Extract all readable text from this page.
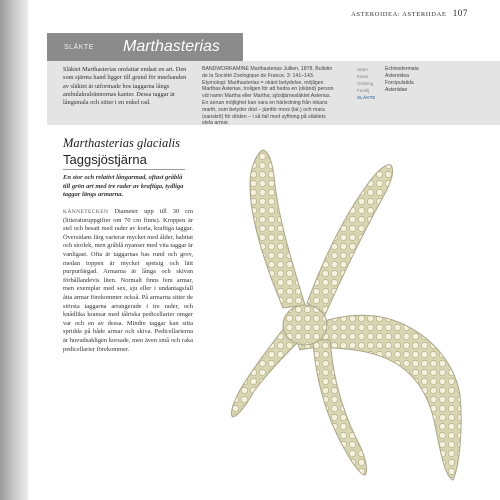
ASTEROIDEA: ASTERIIDAE 107
SLÄKTE Marthasterias

Släktet Marthasterias omfattar endast en art. Den som sjärnta hand ligger till grund för innehanden av släktet är utformade hos taggarna långs ambulakralrännornas kanter. Dessa taggar är långsmala och sitter i en enkel rad.

BANDWORKAMINE Marthasterias Jullien, 1878, Bulletin de la Société Zoologique de France, 3: 141–143. Etymologi: Marthasterias = okänt betydelse, möjligen Marthas Asterias, troligen för att hedra en (okänd) person vid namn Martha eller Martha; sjöstjärnesläktet Asterias. En annan möjlighet kan vara en härledning från inkans marth, som betyder död – jämför mors (lat.) och mara (sanskrit) för döden – i så fall med syftning på släktets stela armar.

Stam	Echinodermata
Klass	Asteroidea
Ordning	Forcipulatida
Familj	Asteriidae
SLÄKTE
Marthasterias glacialis
Taggsjöstjärna

En stor och relativt långarmad, oftast gråblå till grön art med tre rader av kraftiga, tydliga taggar längs armarna.

KÄNNETECKEN Diameter upp till 30 cm (litteraturuppgifter om 70 cm finns). Kroppen är stel och besatt med rader av korta, kraftiga taggar. Översidans färg varierar mycket med ålder, habitat och storlek, men gråblå nyanser med vita taggar är vanligast. Ofta är taggarnas bas rund och grov, medan toppen är mycket spetsig och lätt purpurfärgad. Armarna är långa och skivan förhållandevis liten. Normalt finns fem armar, men exemplar med sex, sju eller i undantagsfall åtta armar förekommer också. På armarna sitter de största taggarna arrangerade i tre rader, och knådlika kransar med tålriska pedicellarier omger var och en av dessa. Mindre taggar kan sitta spridda på både armar och skiva. Pedicellarierna är huvudsakligen korsade, men även små och raka pedicellarier förekommer.
